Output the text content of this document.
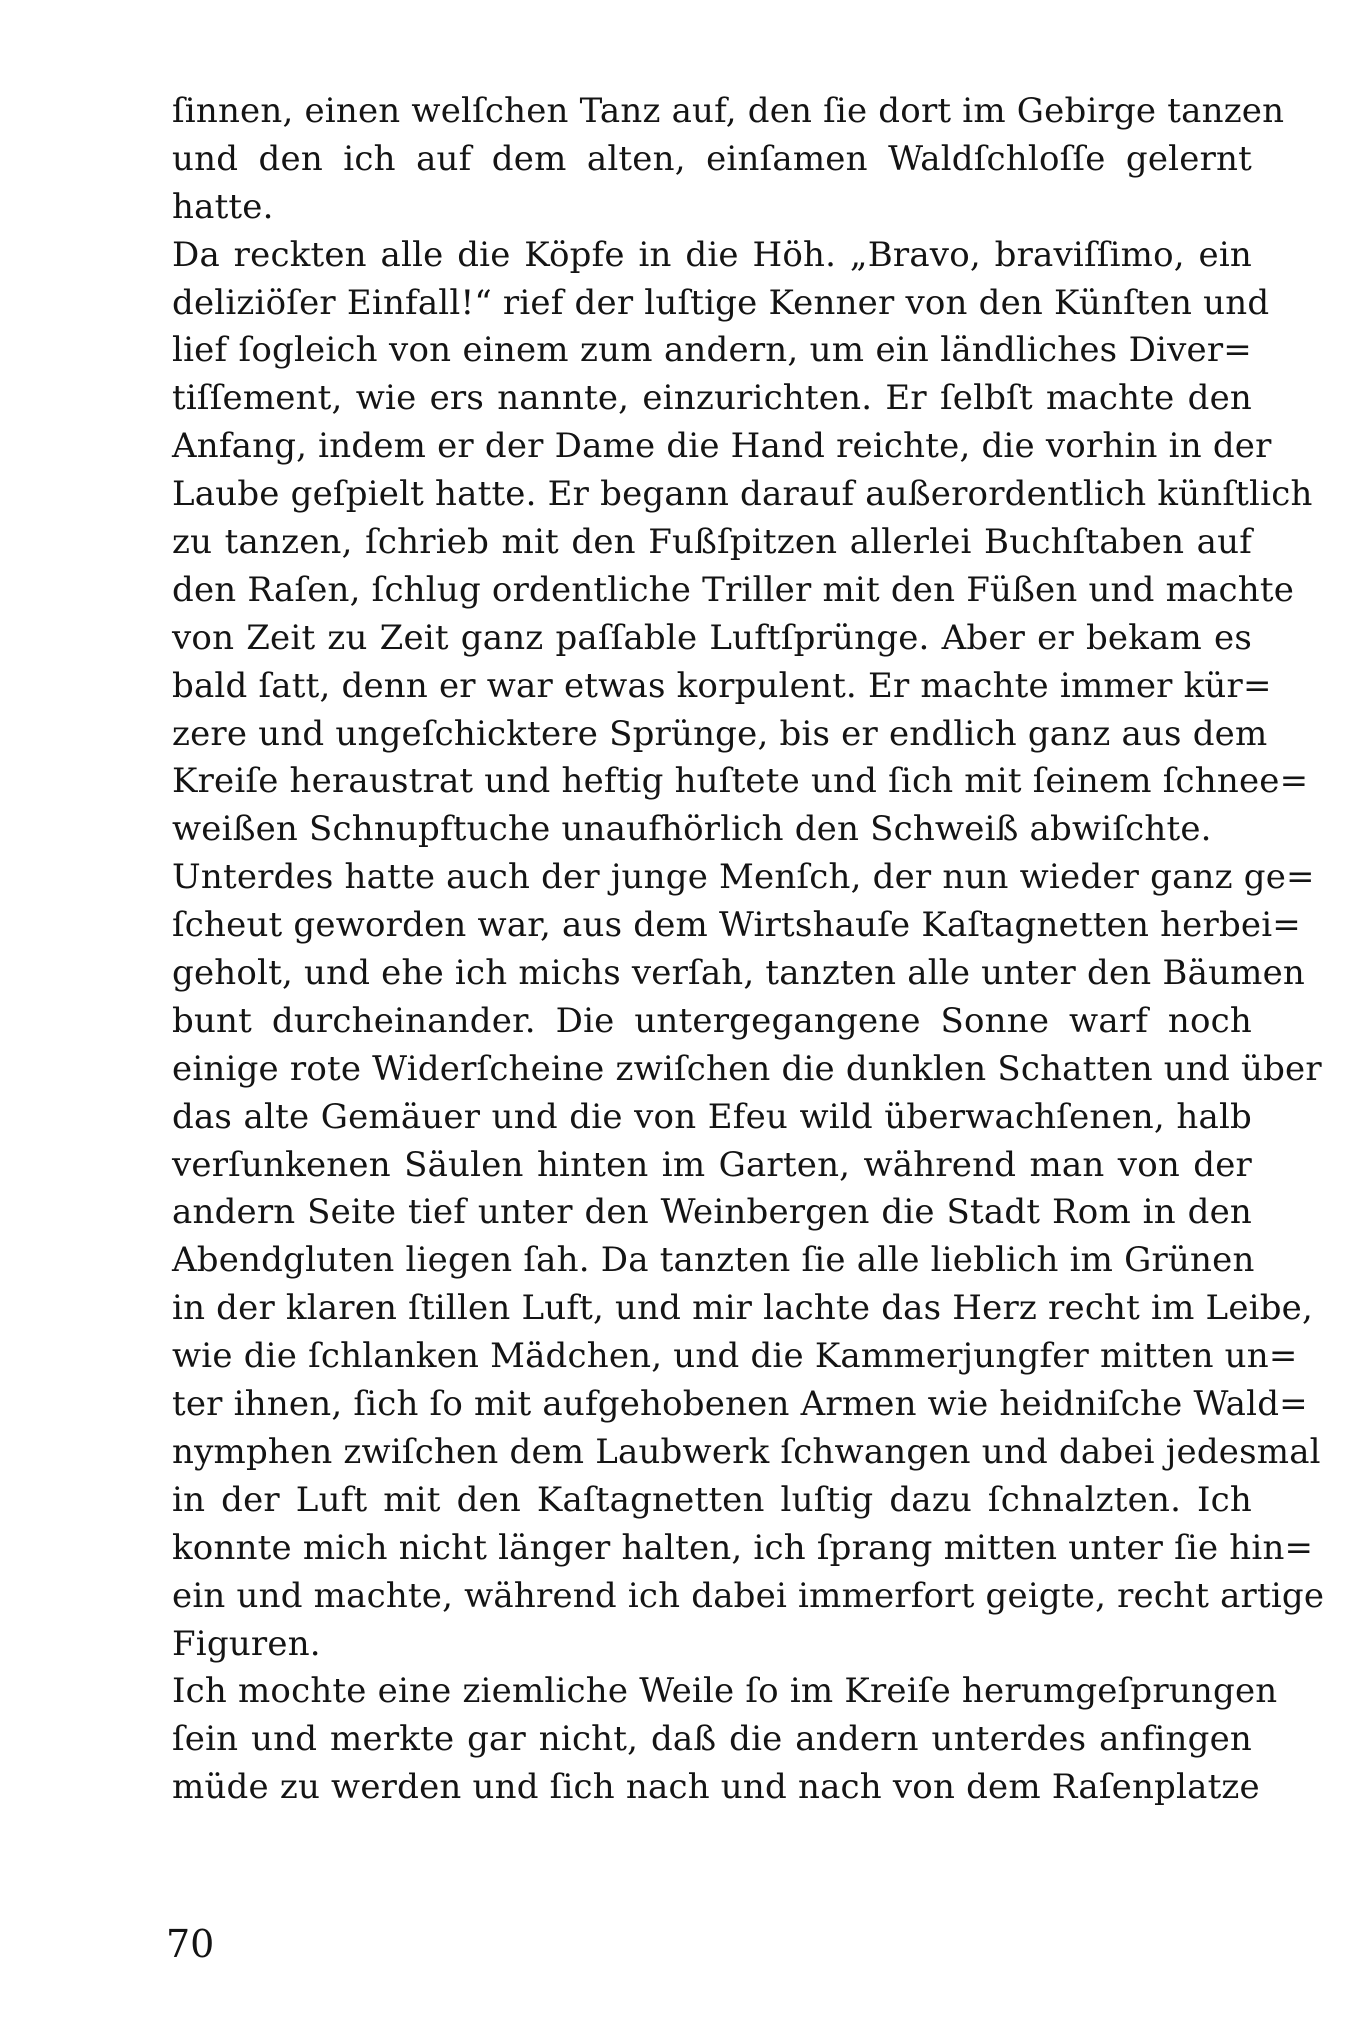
ſinnen, einen welſchen Tanz auf, den ſie dort im Gebirge tanzen
und den ich auf dem alten, einſamen Waldſchloſſe gelernt
hatte.
Da reckten alle die Köpfe in die Höh. „Bravo, braviſſimo, ein
deliziöſer Einfall!“ rief der luſtige Kenner von den Künſten und
lief ſogleich von einem zum andern, um ein ländliches Diver=
tiſſement, wie ers nannte, einzurichten. Er ſelbſt machte den
Anfang, indem er der Dame die Hand reichte, die vorhin in der
Laube geſpielt hatte. Er begann darauf außerordentlich künſtlich
zu tanzen, ſchrieb mit den Fußſpitzen allerlei Buchſtaben auf
den Raſen, ſchlug ordentliche Triller mit den Füßen und machte
von Zeit zu Zeit ganz paſſable Luftſprünge. Aber er bekam es
bald ſatt, denn er war etwas korpulent. Er machte immer kür=
zere und ungeſchicktere Sprünge, bis er endlich ganz aus dem
Kreiſe heraustrat und heftig huſtete und ſich mit ſeinem ſchnee=
weißen Schnupftuche unaufhörlich den Schweiß abwiſchte.
Unterdes hatte auch der junge Menſch, der nun wieder ganz ge=
ſcheut geworden war, aus dem Wirtshauſe Kaſtagnetten herbei=
geholt, und ehe ich michs verſah, tanzten alle unter den Bäumen
bunt durcheinander. Die untergegangene Sonne warf noch
einige rote Widerſcheine zwiſchen die dunklen Schatten und über
das alte Gemäuer und die von Efeu wild überwachſenen, halb
verſunkenen Säulen hinten im Garten, während man von der
andern Seite tief unter den Weinbergen die Stadt Rom in den
Abendgluten liegen ſah. Da tanzten ſie alle lieblich im Grünen
in der klaren ſtillen Luft, und mir lachte das Herz recht im Leibe,
wie die ſchlanken Mädchen, und die Kammerjungfer mitten un=
ter ihnen, ſich ſo mit aufgehobenen Armen wie heidniſche Wald=
nymphen zwiſchen dem Laubwerk ſchwangen und dabei jedesmal
in der Luft mit den Kaſtagnetten luſtig dazu ſchnalzten. Ich
konnte mich nicht länger halten, ich ſprang mitten unter ſie hin=
ein und machte, während ich dabei immerfort geigte, recht artige
Figuren.
Ich mochte eine ziemliche Weile ſo im Kreiſe herumgeſprungen
ſein und merkte gar nicht, daß die andern unterdes anfingen
müde zu werden und ſich nach und nach von dem Raſenplatze
70
